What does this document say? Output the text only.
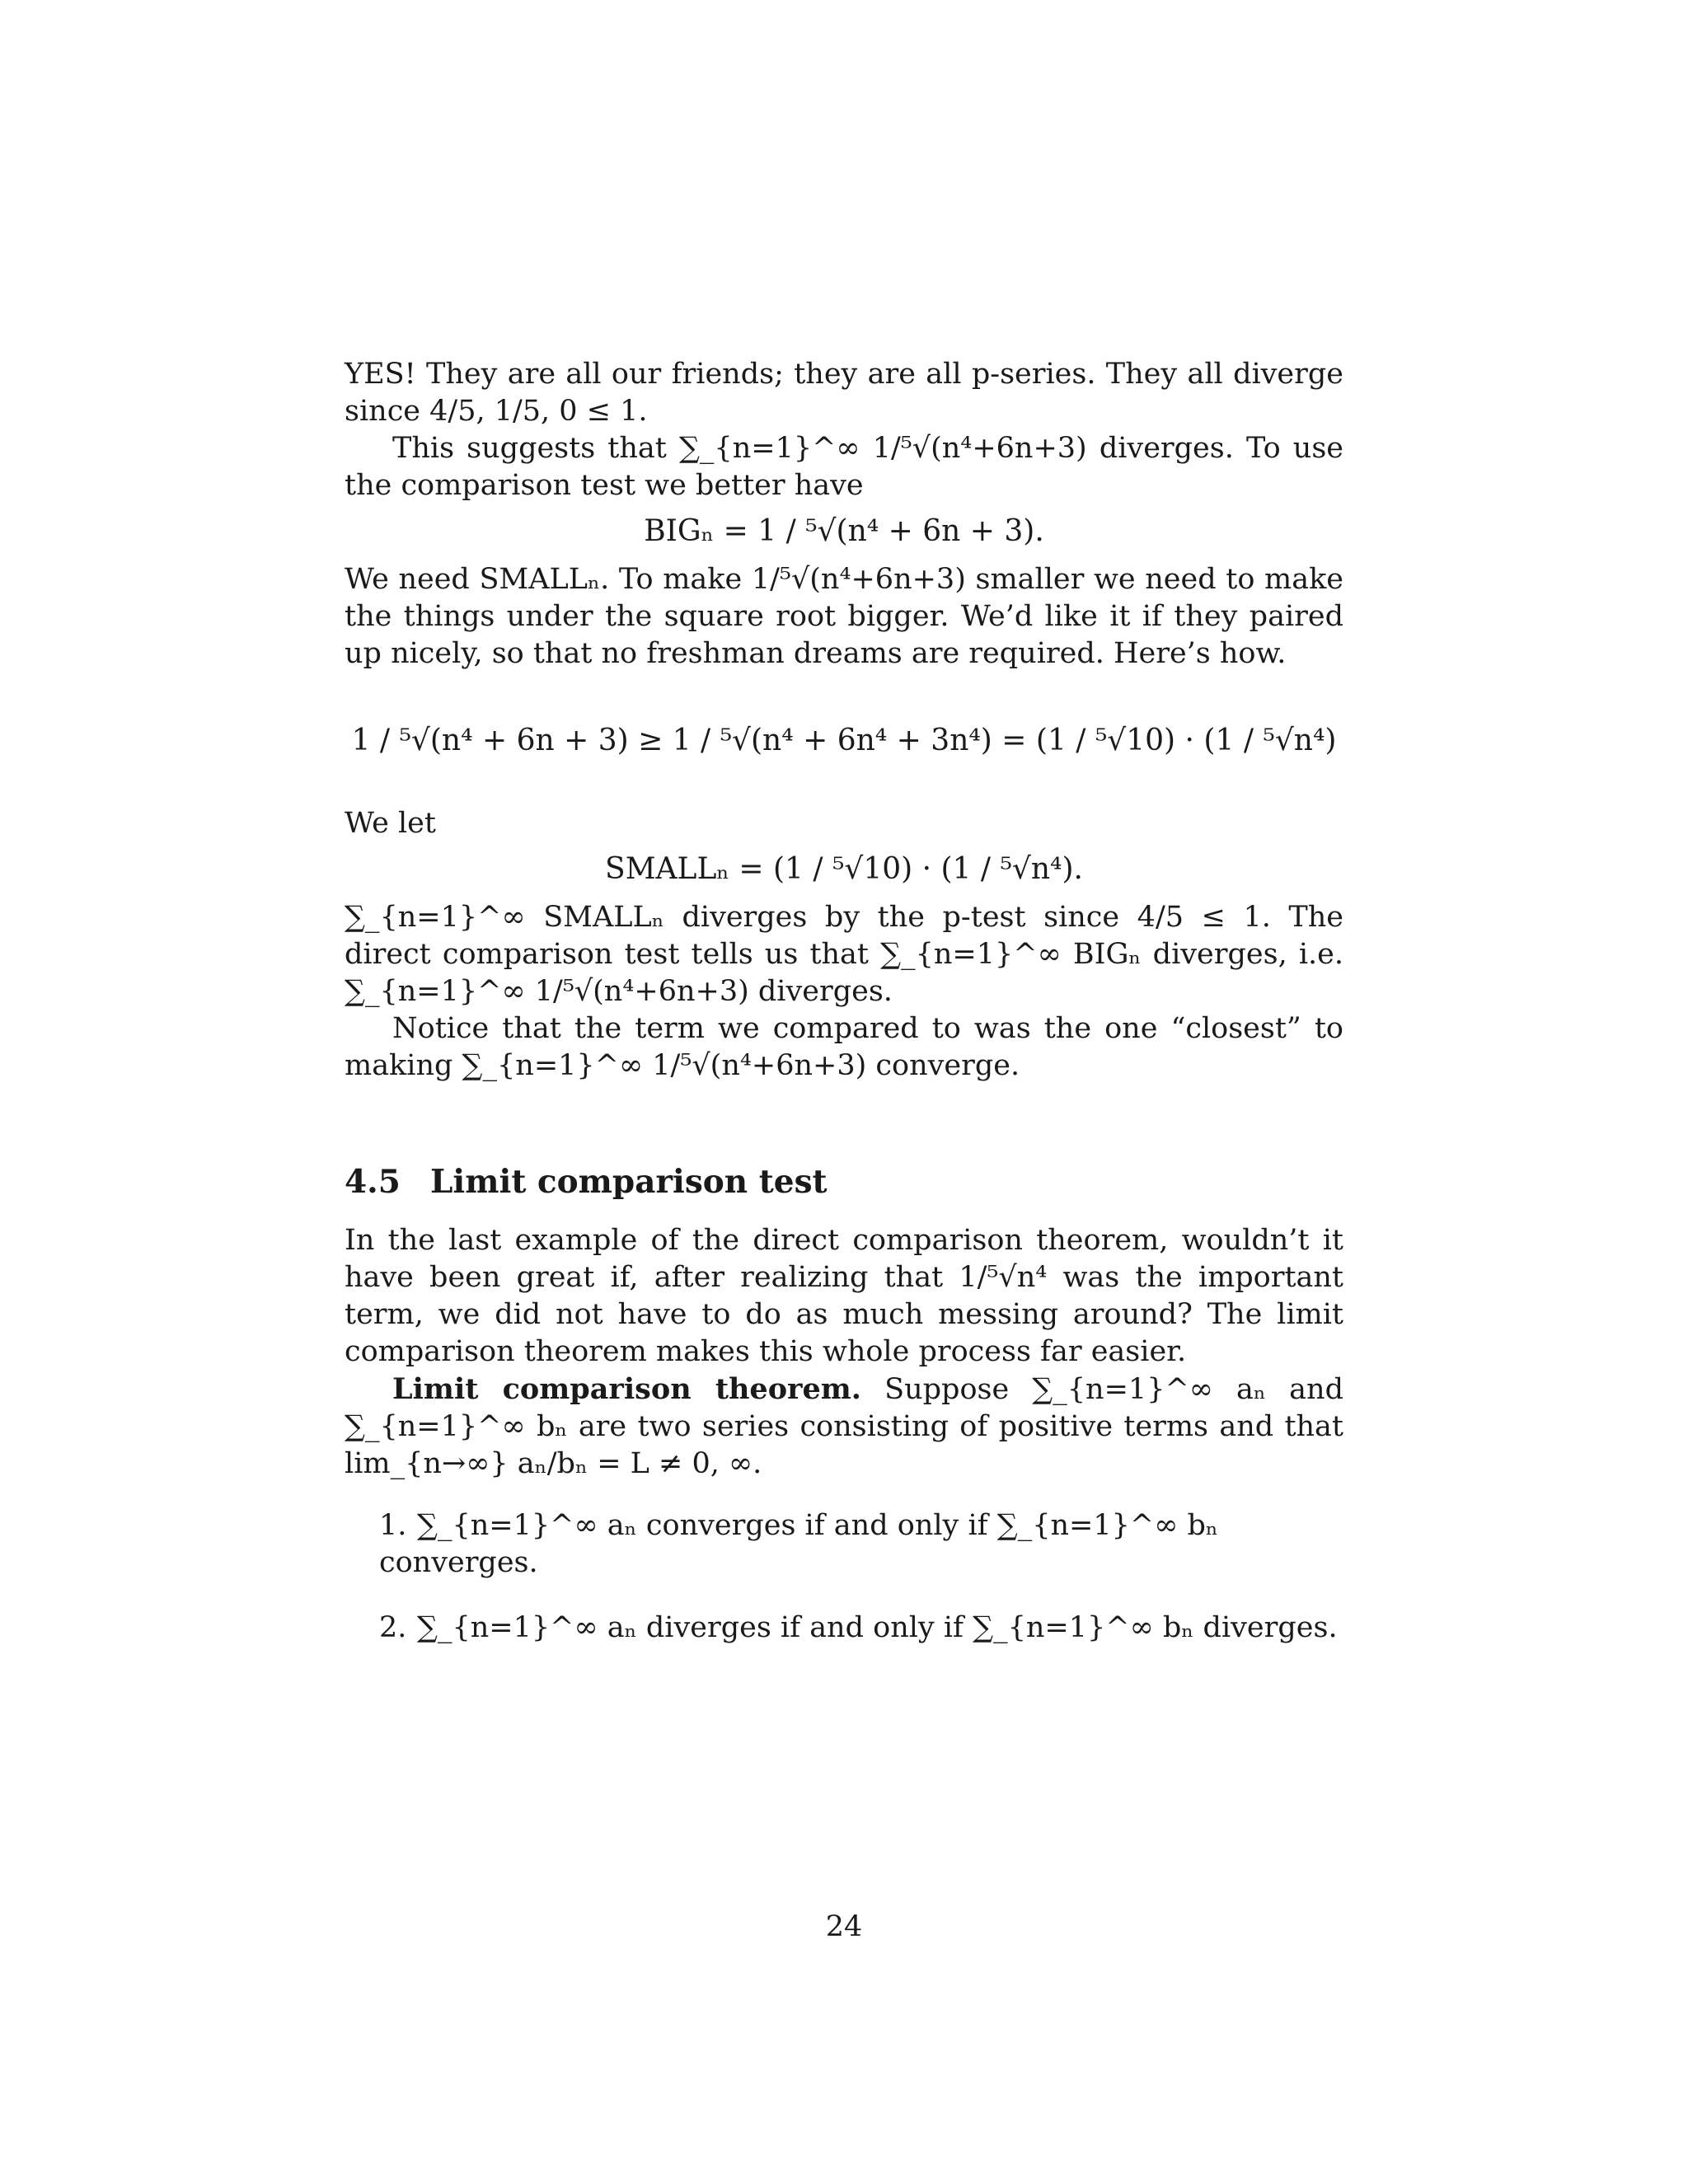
YES! They are all our friends; they are all p-series. They all diverge since 4/5, 1/5, 0 ≤ 1.

This suggests that ∑_{n=1}^∞ 1/⁵√(n⁴+6n+3) diverges. To use the comparison test we better have

BIGₙ = 1 / ⁵√(n⁴ + 6n + 3).

We need SMALLₙ. To make 1/⁵√(n⁴+6n+3) smaller we need to make the things under the square root bigger. We’d like it if they paired up nicely, so that no freshman dreams are required. Here’s how.

1 / ⁵√(n⁴ + 6n + 3) ≥ 1 / ⁵√(n⁴ + 6n⁴ + 3n⁴) = (1 / ⁵√10) · (1 / ⁵√n⁴)

We let

SMALLₙ = (1 / ⁵√10) · (1 / ⁵√n⁴).

∑_{n=1}^∞ SMALLₙ diverges by the p-test since 4/5 ≤ 1. The direct comparison test tells us that ∑_{n=1}^∞ BIGₙ diverges, i.e. ∑_{n=1}^∞ 1/⁵√(n⁴+6n+3) diverges.

Notice that the term we compared to was the one “closest” to making ∑_{n=1}^∞ 1/⁵√(n⁴+6n+3) converge.

4.5 Limit comparison test

In the last example of the direct comparison theorem, wouldn’t it have been great if, after realizing that 1/⁵√n⁴ was the important term, we did not have to do as much messing around? The limit comparison theorem makes this whole process far easier.

Limit comparison theorem. Suppose ∑_{n=1}^∞ aₙ and ∑_{n=1}^∞ bₙ are two series consisting of positive terms and that lim_{n→∞} aₙ/bₙ = L ≠ 0, ∞.

1. ∑_{n=1}^∞ aₙ converges if and only if ∑_{n=1}^∞ bₙ converges.
2. ∑_{n=1}^∞ aₙ diverges if and only if ∑_{n=1}^∞ bₙ diverges.
24
